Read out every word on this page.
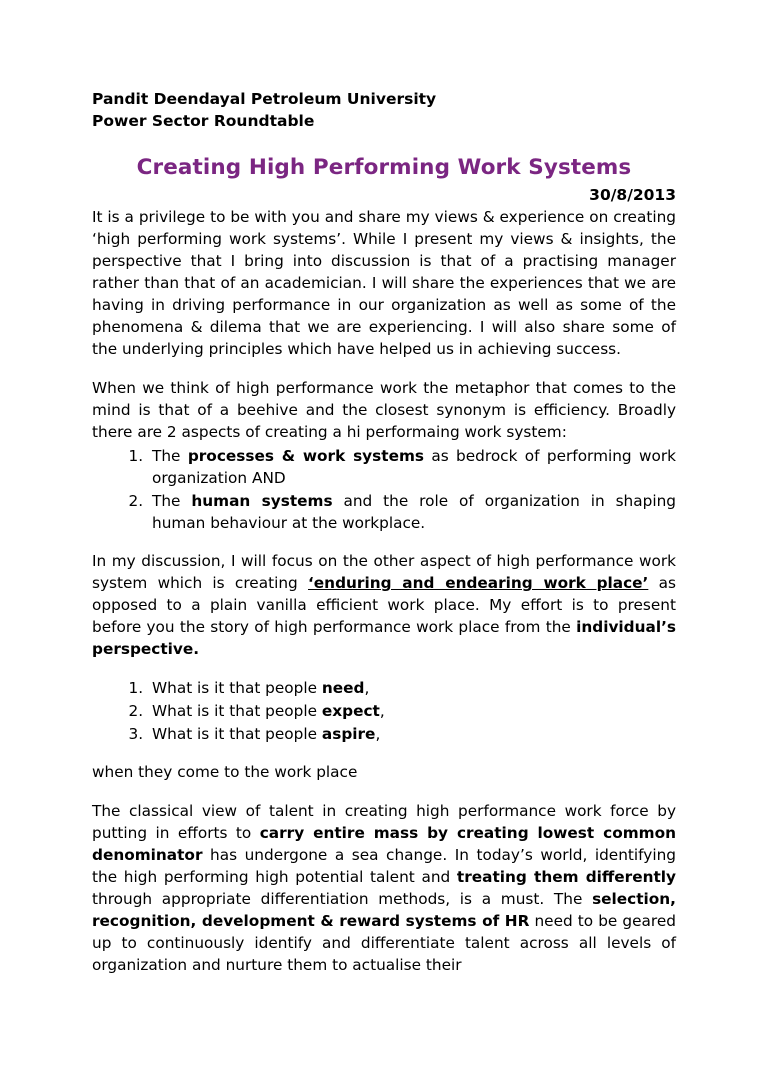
Pandit Deendayal Petroleum University
Power Sector Roundtable
Creating High Performing Work Systems
30/8/2013

It is a privilege to be with you and share my views & experience on creating ‘high performing work systems’. While I present my views & insights, the perspective that I bring into discussion is that of a practising manager rather than that of an academician. I will share the experiences that we are having in driving performance in our organization as well as some of the phenomena & dilema that we are experiencing. I will also share some of the underlying principles which have helped us in achieving success.

When we think of high performance work the metaphor that comes to the mind is that of a beehive and the closest synonym is efficiency. Broadly there are 2 aspects of creating a hi performaing work system:

1. The processes & work systems as bedrock of performing work organization AND
2. The human systems and the role of organization in shaping human behaviour at the workplace.

In my discussion, I will focus on the other aspect of high performance work system which is creating ‘enduring and endearing work place’ as opposed to a plain vanilla efficient work place. My effort is to present before you the story of high performance work place from the individual’s perspective.

1. What is it that people need,
2. What is it that people expect,
3. What is it that people aspire,
when they come to the work place

The classical view of talent in creating high performance work force by putting in efforts to carry entire mass by creating lowest common denominator has undergone a sea change. In today’s world, identifying the high performing high potential talent and treating them differently through appropriate differentiation methods, is a must. The selection, recognition, development & reward systems of HR need to be geared up to continuously identify and differentiate talent across all levels of organization and nurture them to actualise their
